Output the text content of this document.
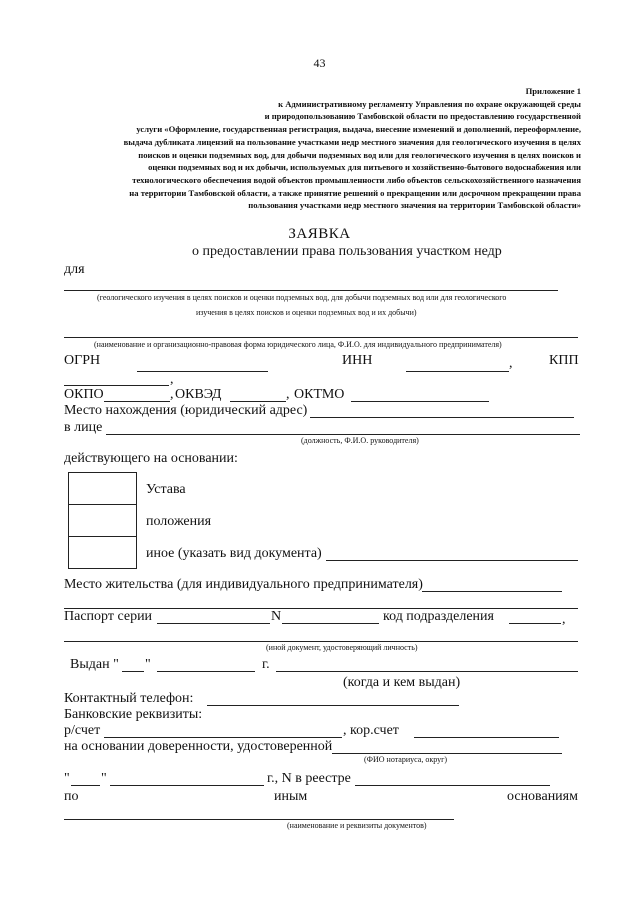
43
Приложение 1
к Административному регламенту Управления по охране окружающей среды
и природопользованию Тамбовской области по предоставлению государственной
услуги «Оформление, государственная регистрация, выдача, внесение изменений и дополнений, переоформление,
выдача дубликата лицензий на пользование участками недр местного значения для геологического изучения в целях
поисков и оценки подземных вод, для добычи подземных вод или для геологического изучения в целях поисков и
оценки подземных вод и их добычи, используемых для питьевого и хозяйственно-бытового водоснабжения или
технологического обеспечения водой объектов промышленности либо объектов сельскохозяйственного назначения
на территории Тамбовской области, а также принятие решений о прекращении или досрочном прекращении права
пользования участками недр местного значения на территории Тамбовской области»
ЗАЯВКА
о предоставлении права пользования участком недр
для
(геологического изучения в целях поисков и оценки подземных вод, для добычи подземных вод или для геологического
изучения в целях поисков и оценки подземных вод и их добычи)
(наименование и организационно-правовая форма юридического лица, Ф.И.О. для индивидуального предпринимателя)
ОГРН	ИНН	,	КПП
,
ОКПО	, ОКВЭД	, ОКТМО
Место нахождения (юридический адрес)
в лице
(должность, Ф.И.О. руководителя)
действующего на основании:
Устава
положения
иное (указать вид документа)
Место жительства (для индивидуального предпринимателя)
Паспорт серии	N	код подразделения	,
(иной документ, удостоверяющий личность)
Выдан " "	г.
(когда и кем выдан)
Контактный телефон:
Банковские реквизиты:
р/счет	, кор.счет
на основании доверенности, удостоверенной
(ФИО нотариуса, округ)
" "	г., N в реестре
по	иным	основаниям
(наименование и реквизиты документов)
